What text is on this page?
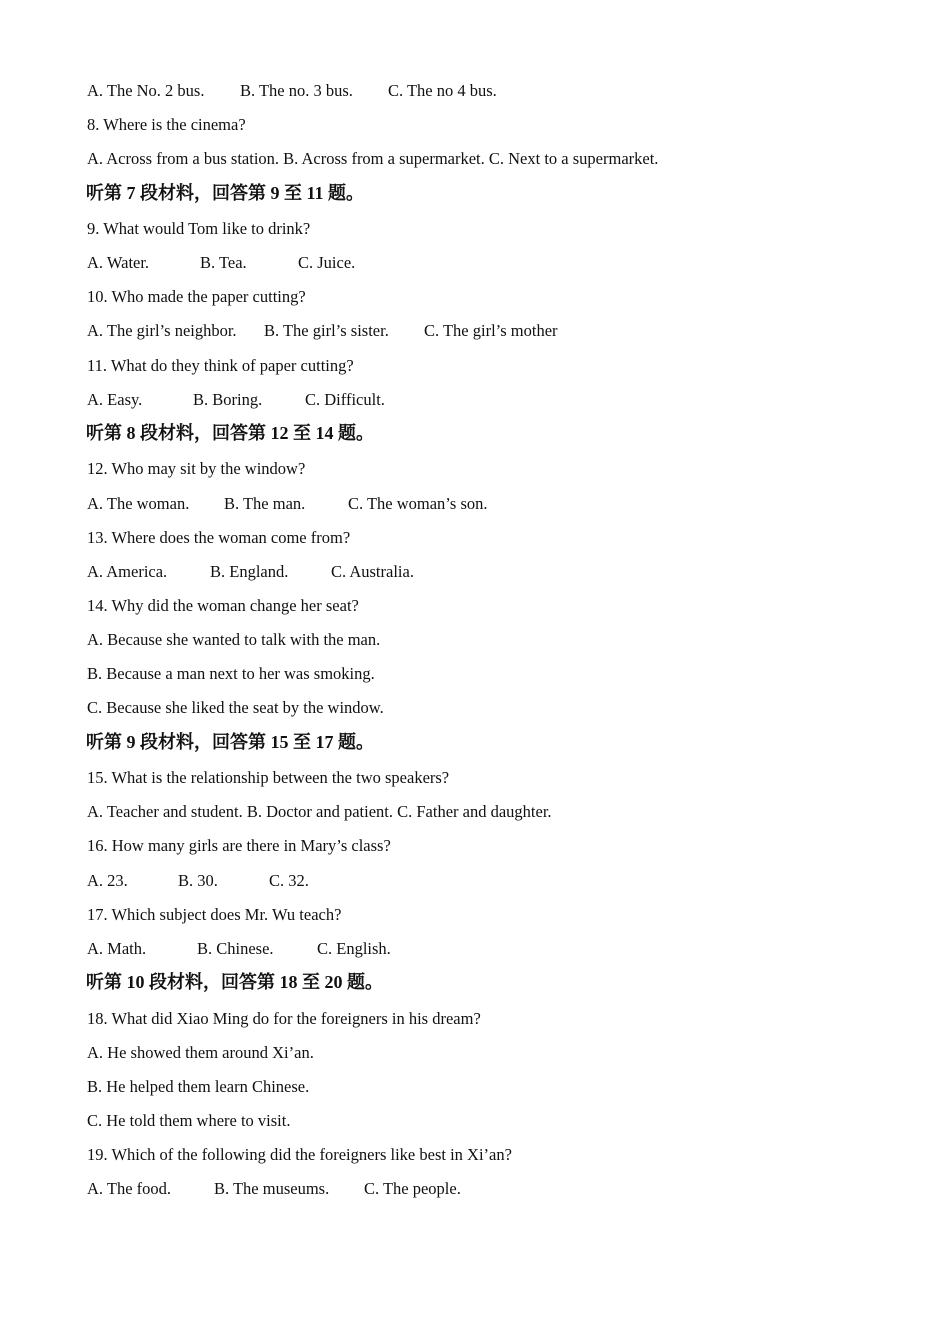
A. The No. 2 bus. B. The no. 3 bus. C. The no 4 bus.
8. Where is the cinema?
A. Across from a bus station. B. Across from a supermarket. C. Next to a supermarket.
听第 7 段材料，回答第 9 至 11 题。
9. What would Tom like to drink?
A. Water.	B. Tea.	C. Juice.
10. Who made the paper cutting?
A. The girl’s neighbor. B. The girl’s sister. C. The girl’s mother
11. What do they think of paper cutting?
A. Easy.	B. Boring.	C. Difficult.
听第 8 段材料，回答第 12 至 14 题。
12. Who may sit by the window?
A. The woman. B. The man.	C. The woman’s son.
13. Where does the woman come from?
A. America.	B. England.	C. Australia.
14. Why did the woman change her seat?
A. Because she wanted to talk with the man.
B. Because a man next to her was smoking.
C. Because she liked the seat by the window.
听第 9 段材料，回答第 15 至 17 题。
15. What is the relationship between the two speakers?
A. Teacher and student. B. Doctor and patient. C. Father and daughter.
16. How many girls are there in Mary’s class?
A. 23.	B. 30.	C. 32.
17. Which subject does Mr. Wu teach?
A. Math.	B. Chinese.	C. English.
听第 10 段材料，回答第 18 至 20 题。
18. What did Xiao Ming do for the foreigners in his dream?
A. He showed them around Xi’an.
B. He helped them learn Chinese.
C. He told them where to visit.
19. Which of the following did the foreigners like best in Xi’an?
A. The food.	B. The museums. C. The people.
